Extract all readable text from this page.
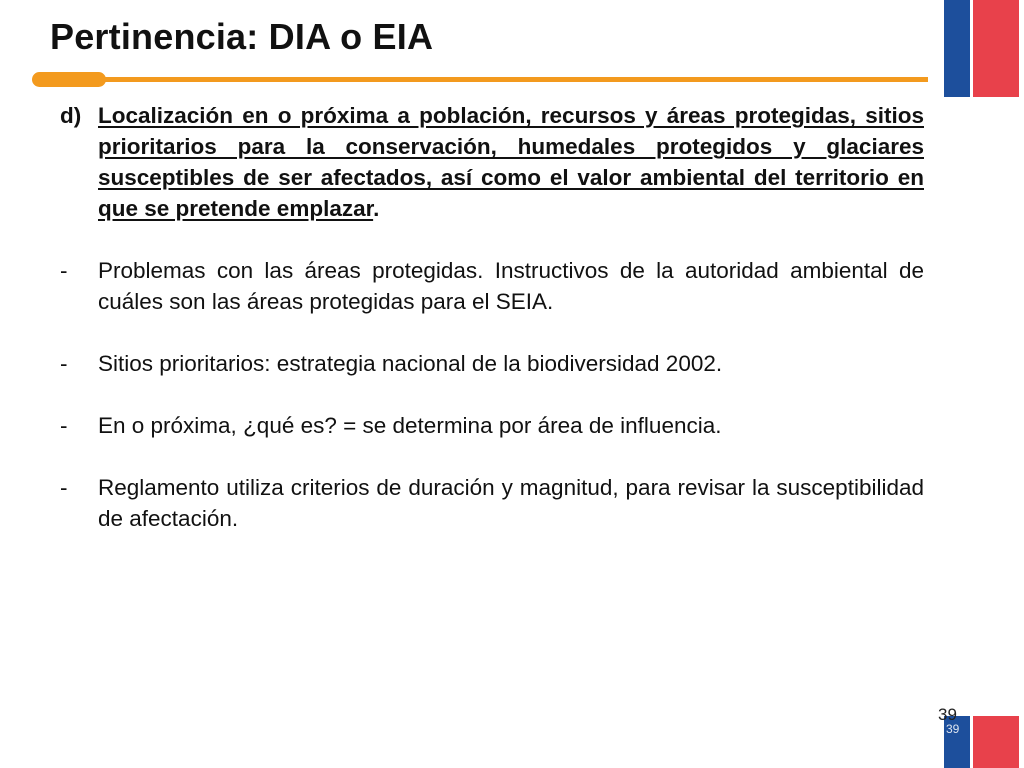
Pertinencia: DIA o EIA
d) Localización en o próxima a población, recursos y áreas protegidas, sitios prioritarios para la conservación, humedales protegidos y glaciares susceptibles de ser afectados, así como el valor ambiental del territorio en que se pretende emplazar.
-	Problemas con las áreas protegidas. Instructivos de la autoridad ambiental de cuáles son las áreas protegidas para el SEIA.
-	Sitios prioritarios: estrategia nacional de la biodiversidad 2002.
-	En o próxima, ¿qué es? = se determina por área de influencia.
-	Reglamento utiliza criterios de duración y magnitud, para revisar la susceptibilidad de afectación.
39
39
